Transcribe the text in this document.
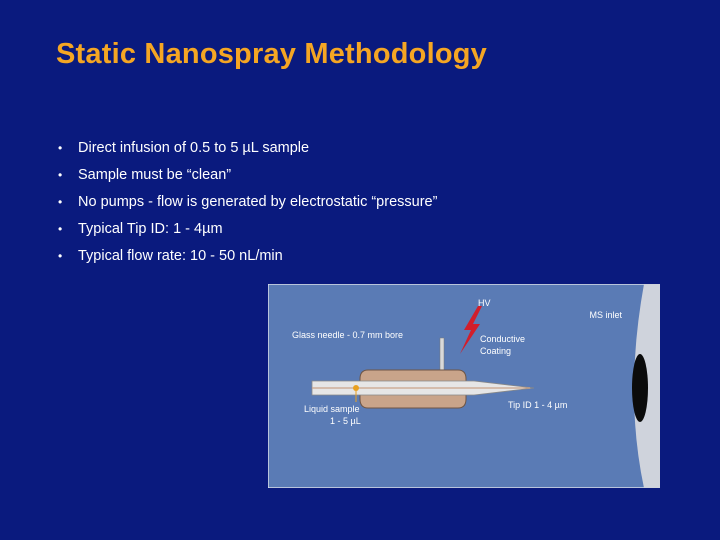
Static Nanospray Methodology
• Direct infusion of 0.5 to 5 µL sample
• Sample must be “clean”
• No pumps - flow is generated by electrostatic “pressure”
• Typical Tip ID: 1 - 4µm
• Typical flow rate: 10 - 50 nL/min
HV
MS inlet
Glass needle - 0.7 mm bore	Conductive
Coating
Liquid sample
1 - 5 µL
Tip ID 1 - 4 µm
